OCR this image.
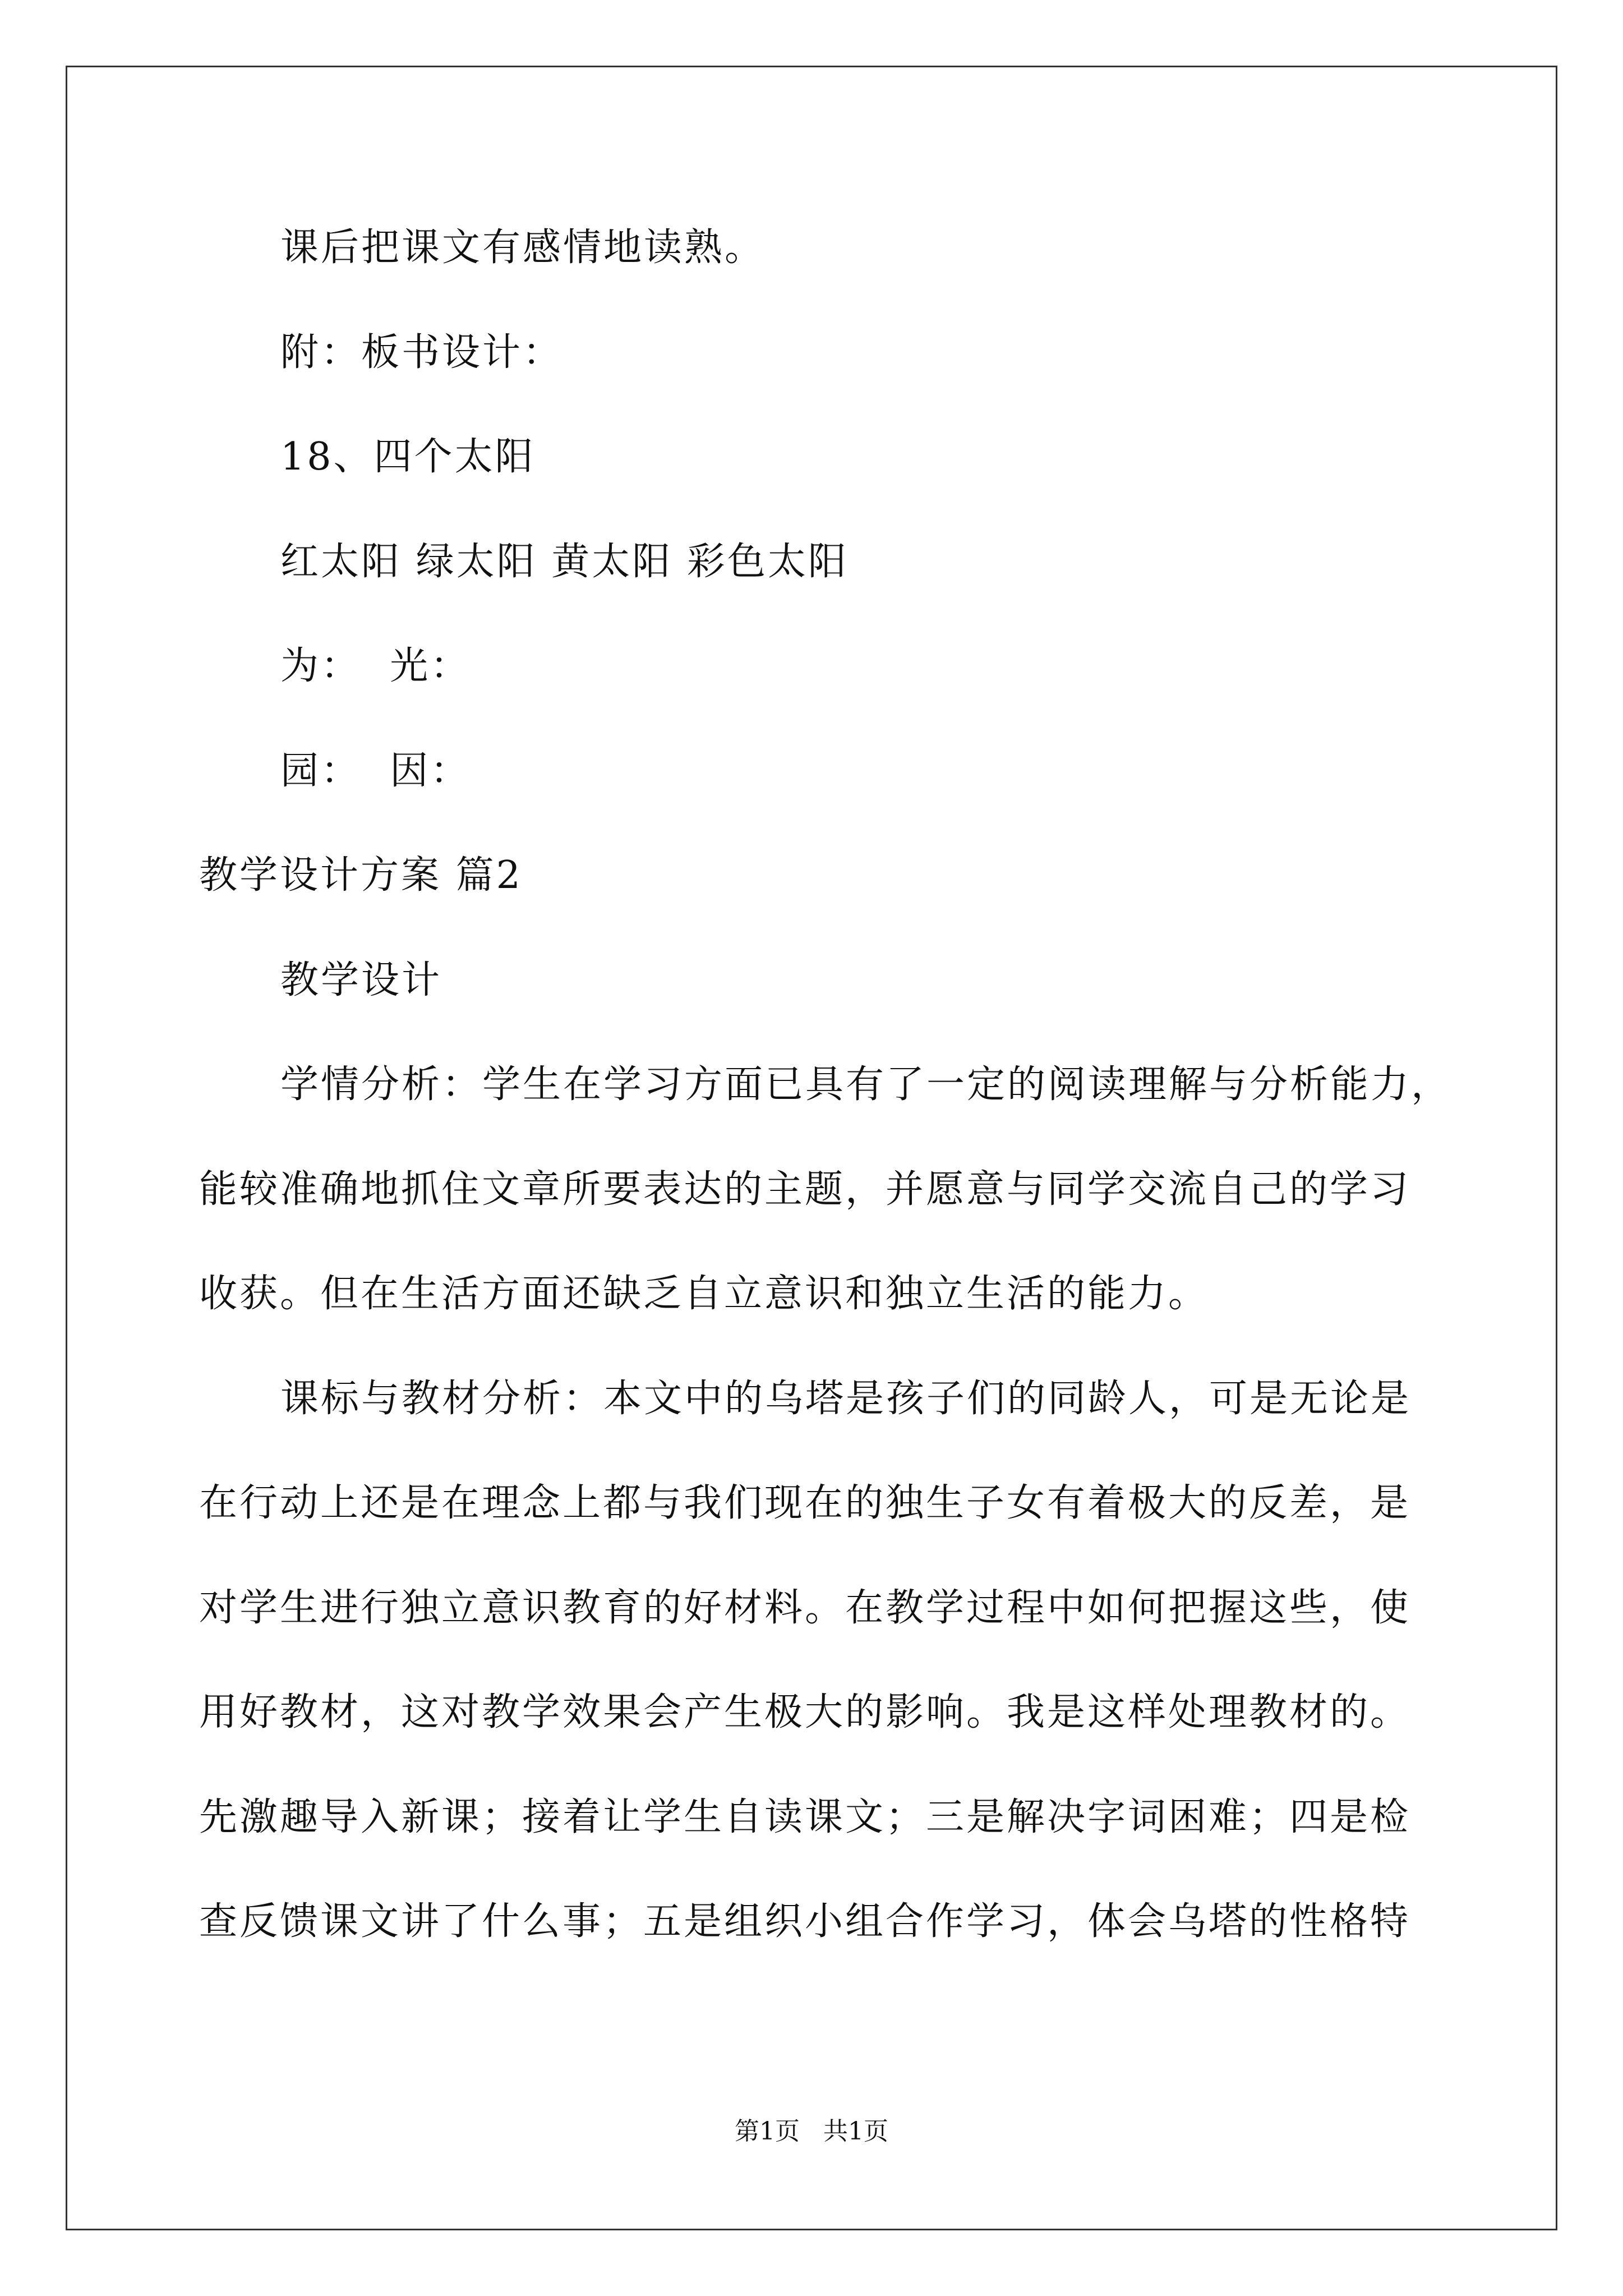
课后把课文有感情地读熟。
附：板书设计：
18、四个太阳
红太阳 绿太阳 黄太阳 彩色太阳
为：  光：
园：  因：
教学设计方案 篇2
教学设计
学情分析：学生在学习方面已具有了一定的阅读理解与分析能力，
能较准确地抓住文章所要表达的主题，并愿意与同学交流自己的学习
收获。但在生活方面还缺乏自立意识和独立生活的能力。
课标与教材分析：本文中的乌塔是孩子们的同龄人，可是无论是
在行动上还是在理念上都与我们现在的独生子女有着极大的反差，是
对学生进行独立意识教育的好材料。在教学过程中如何把握这些，使
用好教材，这对教学效果会产生极大的影响。我是这样处理教材的。
先激趣导入新课；接着让学生自读课文；三是解决字词困难；四是检
查反馈课文讲了什么事；五是组织小组合作学习，体会乌塔的性格特
第1页   共1页
